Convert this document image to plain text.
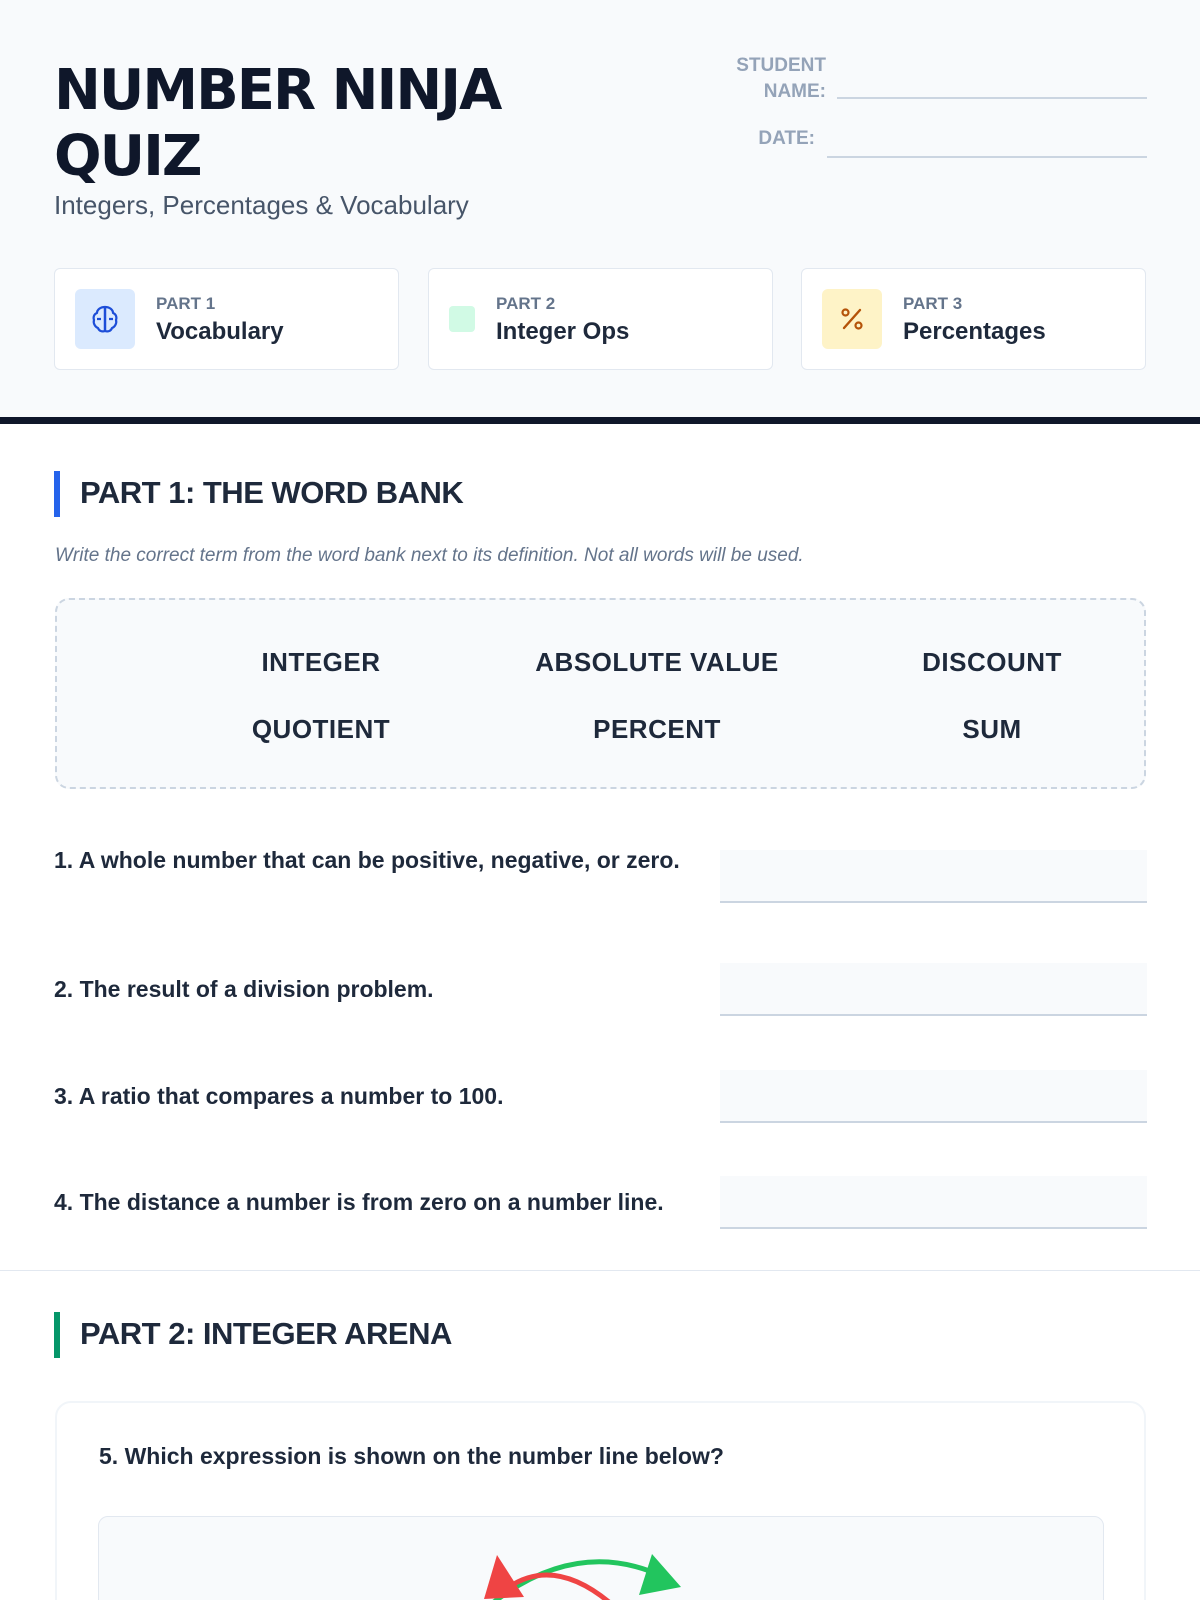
NUMBER NINJA
QUIZ
Integers, Percentages & Vocabulary
STUDENT
NAME:
DATE:
PART 1
Vocabulary
PART 2
Integer Ops
PART 3
Percentages
PART 1: THE WORD BANK
Write the correct term from the word bank next to its definition. Not all words will be used.
INTEGER	ABSOLUTE VALUE	DISCOUNT
QUOTIENT	PERCENT	SUM
1. A whole number that can be positive, negative, or zero.
2. The result of a division problem.
3. A ratio that compares a number to 100.
4. The distance a number is from zero on a number line.
PART 2: INTEGER ARENA
5. Which expression is shown on the number line below?
